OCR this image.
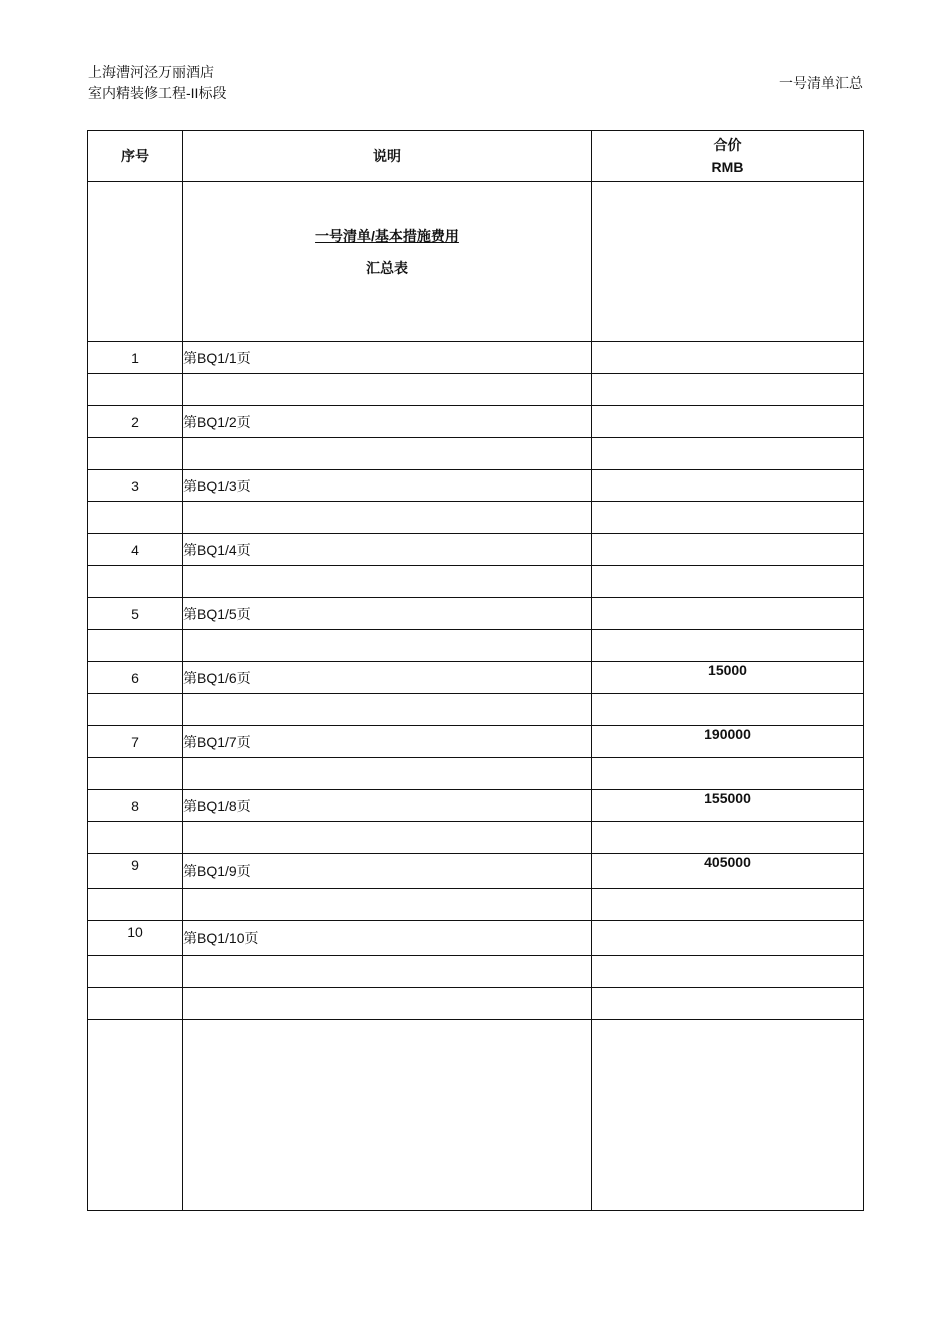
上海漕河泾万丽酒店
室内精装修工程-II标段
一号清单汇总
序号	说明	合价
RMB

	一号清单/基本措施费用
汇总表	

1	第BQ1/1页	

2	第BQ1/2页	

3	第BQ1/3页	

4	第BQ1/4页	

5	第BQ1/5页	

6	第BQ1/6页	15000

7	第BQ1/7页	190000

8	第BQ1/8页	155000

9	第BQ1/9页	405000

10	第BQ1/10页	
